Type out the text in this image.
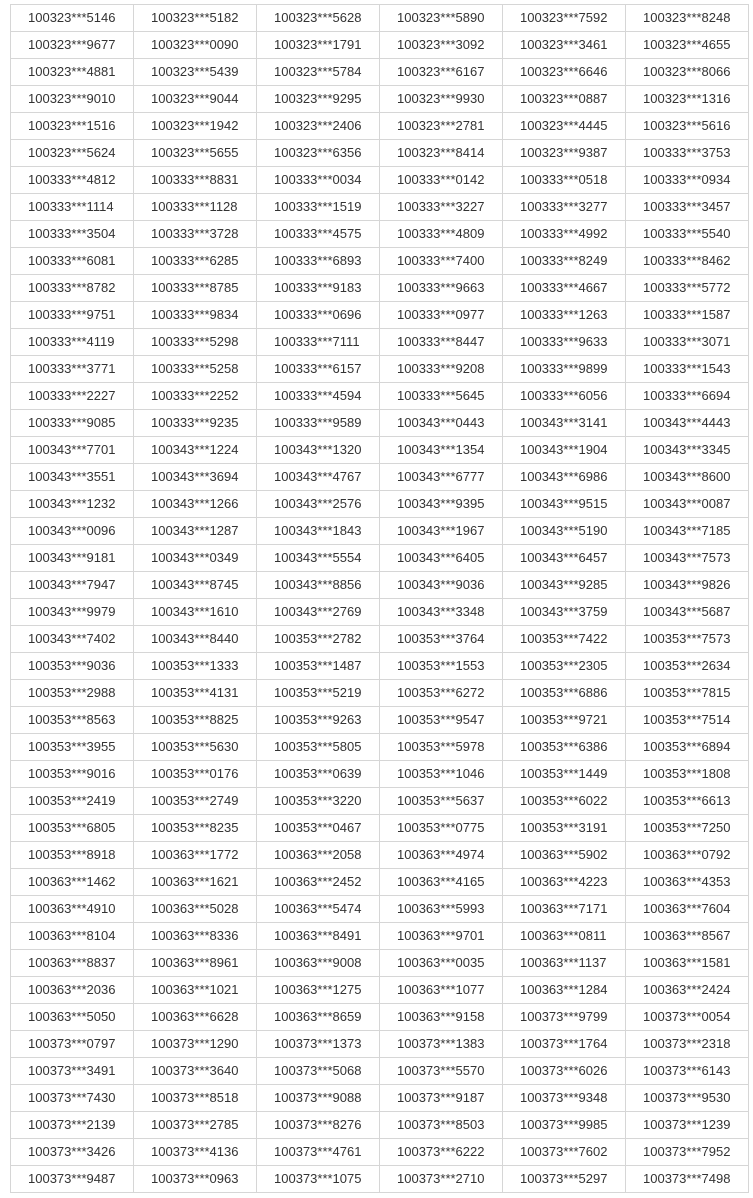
100323***5146	100323***5182	100323***5628	100323***5890	100323***7592	100323***8248
100323***9677	100323***0090	100323***1791	100323***3092	100323***3461	100323***4655
100323***4881	100323***5439	100323***5784	100323***6167	100323***6646	100323***8066
100323***9010	100323***9044	100323***9295	100323***9930	100323***0887	100323***1316
100323***1516	100323***1942	100323***2406	100323***2781	100323***4445	100323***5616
100323***5624	100323***5655	100323***6356	100323***8414	100323***9387	100333***3753
100333***4812	100333***8831	100333***0034	100333***0142	100333***0518	100333***0934
100333***1114	100333***1128	100333***1519	100333***3227	100333***3277	100333***3457
100333***3504	100333***3728	100333***4575	100333***4809	100333***4992	100333***5540
100333***6081	100333***6285	100333***6893	100333***7400	100333***8249	100333***8462
100333***8782	100333***8785	100333***9183	100333***9663	100333***4667	100333***5772
100333***9751	100333***9834	100333***0696	100333***0977	100333***1263	100333***1587
100333***4119	100333***5298	100333***7111	100333***8447	100333***9633	100333***3071
100333***3771	100333***5258	100333***6157	100333***9208	100333***9899	100333***1543
100333***2227	100333***2252	100333***4594	100333***5645	100333***6056	100333***6694
100333***9085	100333***9235	100333***9589	100343***0443	100343***3141	100343***4443
100343***7701	100343***1224	100343***1320	100343***1354	100343***1904	100343***3345
100343***3551	100343***3694	100343***4767	100343***6777	100343***6986	100343***8600
100343***1232	100343***1266	100343***2576	100343***9395	100343***9515	100343***0087
100343***0096	100343***1287	100343***1843	100343***1967	100343***5190	100343***7185
100343***9181	100343***0349	100343***5554	100343***6405	100343***6457	100343***7573
100343***7947	100343***8745	100343***8856	100343***9036	100343***9285	100343***9826
100343***9979	100343***1610	100343***2769	100343***3348	100343***3759	100343***5687
100343***7402	100343***8440	100353***2782	100353***3764	100353***7422	100353***7573
100353***9036	100353***1333	100353***1487	100353***1553	100353***2305	100353***2634
100353***2988	100353***4131	100353***5219	100353***6272	100353***6886	100353***7815
100353***8563	100353***8825	100353***9263	100353***9547	100353***9721	100353***7514
100353***3955	100353***5630	100353***5805	100353***5978	100353***6386	100353***6894
100353***9016	100353***0176	100353***0639	100353***1046	100353***1449	100353***1808
100353***2419	100353***2749	100353***3220	100353***5637	100353***6022	100353***6613
100353***6805	100353***8235	100353***0467	100353***0775	100353***3191	100353***7250
100353***8918	100363***1772	100363***2058	100363***4974	100363***5902	100363***0792
100363***1462	100363***1621	100363***2452	100363***4165	100363***4223	100363***4353
100363***4910	100363***5028	100363***5474	100363***5993	100363***7171	100363***7604
100363***8104	100363***8336	100363***8491	100363***9701	100363***0811	100363***8567
100363***8837	100363***8961	100363***9008	100363***0035	100363***1137	100363***1581
100363***2036	100363***1021	100363***1275	100363***1077	100363***1284	100363***2424
100363***5050	100363***6628	100363***8659	100363***9158	100373***9799	100373***0054
100373***0797	100373***1290	100373***1373	100373***1383	100373***1764	100373***2318
100373***3491	100373***3640	100373***5068	100373***5570	100373***6026	100373***6143
100373***7430	100373***8518	100373***9088	100373***9187	100373***9348	100373***9530
100373***2139	100373***2785	100373***8276	100373***8503	100373***9985	100373***1239
100373***3426	100373***4136	100373***4761	100373***6222	100373***7602	100373***7952
100373***9487	100373***0963	100373***1075	100373***2710	100373***5297	100373***7498
